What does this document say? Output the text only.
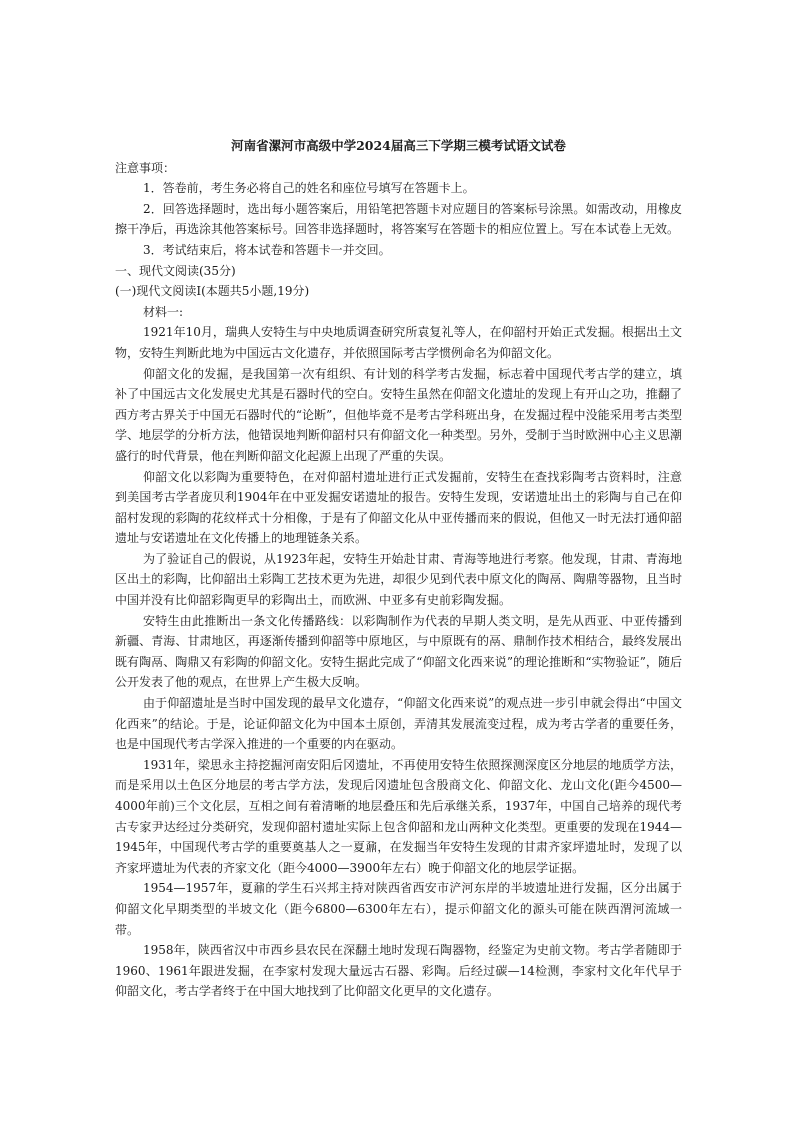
河南省漯河市高级中学2024届高三下学期三模考试语文试卷

注意事项：

1．答卷前，考生务必将自己的姓名和座位号填写在答题卡上。

2．回答选择题时，选出每小题答案后，用铅笔把答题卡对应题目的答案标号涂黑。如需改动，用橡皮擦干净后，再选涂其他答案标号。回答非选择题时，将答案写在答题卡的相应位置上。写在本试卷上无效。

3．考试结束后，将本试卷和答题卡一并交回。

一、现代文阅读(35分)

(一)现代文阅读Ⅰ(本题共5小题,19分)

材料一:

1921年10月，瑞典人安特生与中央地质调查研究所袁复礼等人，在仰韶村开始正式发掘。根据出土文物，安特生判断此地为中国远古文化遗存，并依照国际考古学惯例命名为仰韶文化。

仰韶文化的发掘，是我国第一次有组织、有计划的科学考古发掘，标志着中国现代考古学的建立，填补了中国远古文化发展史尤其是石器时代的空白。安特生虽然在仰韶文化遗址的发现上有开山之功，推翻了西方考古界关于中国无石器时代的“论断”，但他毕竟不是考古学科班出身，在发掘过程中没能采用考古类型学、地层学的分析方法，他错误地判断仰韶村只有仰韶文化一种类型。另外，受制于当时欧洲中心主义思潮盛行的时代背景，他在判断仰韶文化起源上出现了严重的失误。

仰韶文化以彩陶为重要特色，在对仰韶村遗址进行正式发掘前，安特生在查找彩陶考古资料时，注意到美国考古学者庞贝利1904年在中亚发掘安诺遗址的报告。安特生发现，安诺遗址出土的彩陶与自己在仰韶村发现的彩陶的花纹样式十分相像，于是有了仰韶文化从中亚传播而来的假说，但他又一时无法打通仰韶遗址与安诺遗址在文化传播上的地理链条关系。

为了验证自己的假说，从1923年起，安特生开始赴甘肃、青海等地进行考察。他发现，甘肃、青海地区出土的彩陶，比仰韶出土彩陶工艺技术更为先进，却很少见到代表中原文化的陶鬲、陶鼎等器物，且当时中国并没有比仰韶彩陶更早的彩陶出土，而欧洲、中亚多有史前彩陶发掘。

安特生由此推断出一条文化传播路线：以彩陶制作为代表的早期人类文明，是先从西亚、中亚传播到新疆、青海、甘肃地区，再逐渐传播到仰韶等中原地区，与中原既有的鬲、鼎制作技术相结合，最终发展出既有陶鬲、陶鼎又有彩陶的仰韶文化。安特生据此完成了“仰韶文化西来说”的理论推断和“实物验证”，随后公开发表了他的观点，在世界上产生极大反响。

由于仰韶遗址是当时中国发现的最早文化遗存，“仰韶文化西来说”的观点进一步引申就会得出“中国文化西来”的结论。于是，论证仰韶文化为中国本土原创，弄清其发展流变过程，成为考古学者的重要任务，也是中国现代考古学深入推进的一个重要的内在驱动。

1931年，梁思永主持挖掘河南安阳后冈遗址，不再使用安特生依照探测深度区分地层的地质学方法，而是采用以土色区分地层的考古学方法，发现后冈遗址包含殷商文化、仰韶文化、龙山文化(距今4500—4000年前)三个文化层，互相之间有着清晰的地层叠压和先后承继关系，1937年，中国自己培养的现代考古专家尹达经过分类研究，发现仰韶村遗址实际上包含仰韶和龙山两种文化类型。更重要的发现在1944—1945年，中国现代考古学的重要奠基人之一夏鼐，在发掘当年安特生发现的甘肃齐家坪遗址时，发现了以齐家坪遗址为代表的齐家文化（距今4000—3900年左右）晚于仰韶文化的地层学证据。

1954—1957年，夏鼐的学生石兴邦主持对陕西省西安市浐河东岸的半坡遗址进行发掘，区分出属于仰韶文化早期类型的半坡文化（距今6800—6300年左右），提示仰韶文化的源头可能在陕西渭河流域一带。

1958年，陕西省汉中市西乡县农民在深翻土地时发现石陶器物，经鉴定为史前文物。考古学者随即于1960、1961年跟进发掘，在李家村发现大量远古石器、彩陶。后经过碳—14检测，李家村文化年代早于仰韶文化，考古学者终于在中国大地找到了比仰韶文化更早的文化遗存。
